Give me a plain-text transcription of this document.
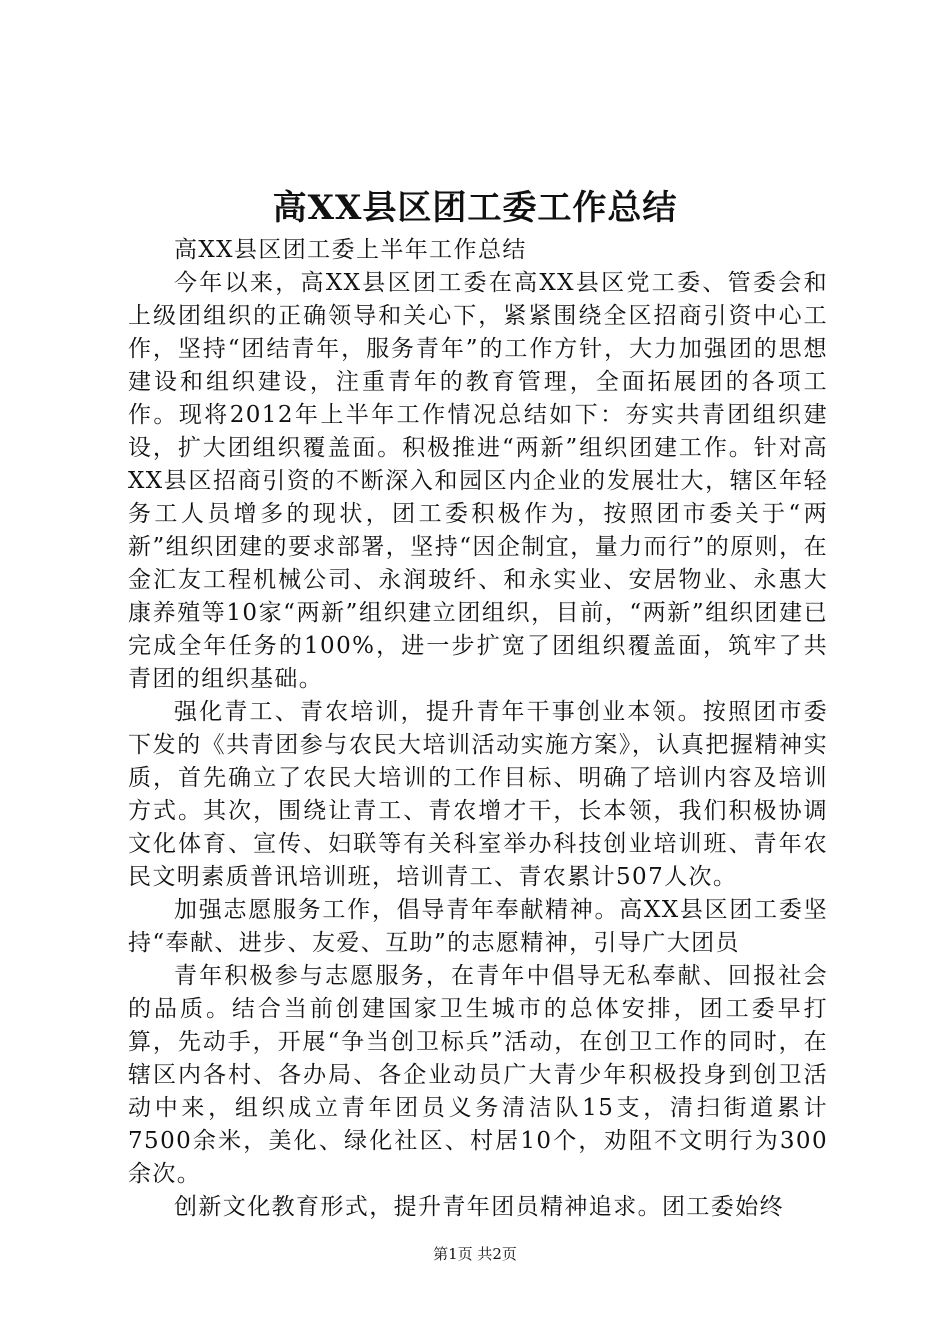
高XX县区团工委工作总结

高XX县区团工委上半年工作总结

今年以来，高XX县区团工委在高XX县区党工委、管委会和上级团组织的正确领导和关心下，紧紧围绕全区招商引资中心工作，坚持“团结青年，服务青年”的工作方针，大力加强团的思想建设和组织建设，注重青年的教育管理，全面拓展团的各项工作。现将2012年上半年工作情况总结如下：夯实共青团组织建设，扩大团组织覆盖面。积极推进“两新”组织团建工作。针对高XX县区招商引资的不断深入和园区内企业的发展壮大，辖区年轻务工人员增多的现状，团工委积极作为，按照团市委关于“两新”组织团建的要求部署，坚持“因企制宜，量力而行”的原则，在金汇友工程机械公司、永润玻纤、和永实业、安居物业、永惠大康养殖等10家“两新”组织建立团组织，目前，“两新”组织团建已完成全年任务的100%，进一步扩宽了团组织覆盖面，筑牢了共青团的组织基础。

强化青工、青农培训，提升青年干事创业本领。按照团市委下发的《共青团参与农民大培训活动实施方案》，认真把握精神实质，首先确立了农民大培训的工作目标、明确了培训内容及培训方式。其次，围绕让青工、青农增才干，长本领，我们积极协调文化体育、宣传、妇联等有关科室举办科技创业培训班、青年农民文明素质普讯培训班，培训青工、青农累计507人次。

加强志愿服务工作，倡导青年奉献精神。高XX县区团工委坚持“奉献、进步、友爱、互助”的志愿精神，引导广大团员

青年积极参与志愿服务，在青年中倡导无私奉献、回报社会的品质。结合当前创建国家卫生城市的总体安排，团工委早打算，先动手，开展“争当创卫标兵”活动，在创卫工作的同时，在辖区内各村、各办局、各企业动员广大青少年积极投身到创卫活动中来，组织成立青年团员义务清洁队15支，清扫街道累计7500余米，美化、绿化社区、村居10个，劝阻不文明行为300余次。

创新文化教育形式，提升青年团员精神追求。团工委始终

第1页 共2页
